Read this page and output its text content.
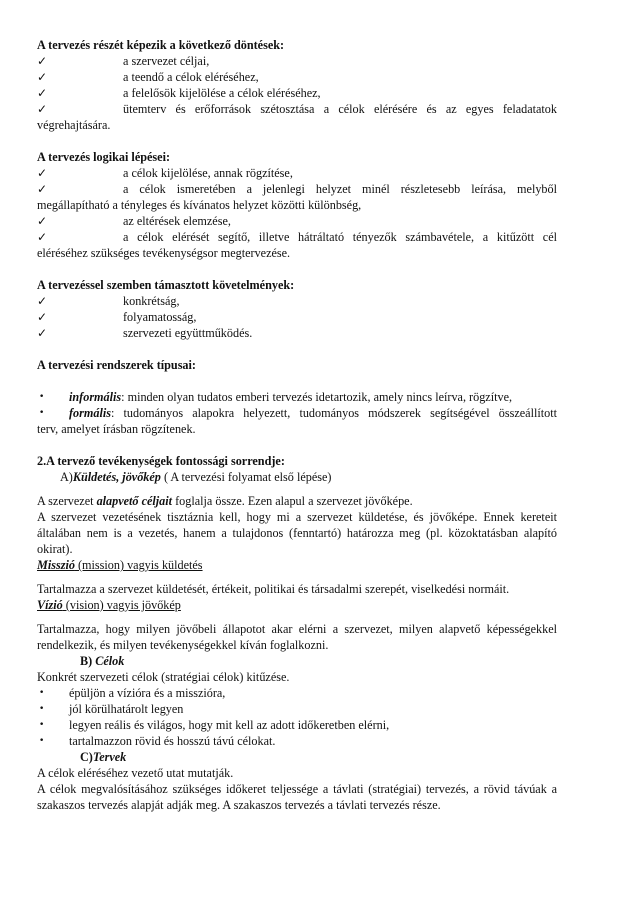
A tervezés részét képezik a következő döntések:

✓	a szervezet céljai,
✓	a teendő a célok eléréséhez,
✓	a felelősök kijelölése a célok eléréséhez,
✓	ütemterv és erőforrások szétosztása a célok elérésére és az egyes feladatatok

végrehajtására.

A tervezés logikai lépései:

✓	a célok kijelölése, annak rögzítése,
✓	a célok ismeretében a jelenlegi helyzet minél részletesebb leírása, melyből

megállapítható a tényleges és kívánatos helyzet közötti különbség,

✓	az eltérések elemzése,
✓	a célok elérését segítő, illetve hátráltató tényezők számbavétele, a kitűzött cél

eléréséhez szükséges tevékenységsor megtervezése.

A tervezéssel szemben támasztott követelmények:

✓	konkrétság,
✓	folyamatosság,
✓	szervezeti együttműködés.

A tervezési rendszerek típusai:

•	informális: minden olyan tudatos emberi tervezés idetartozik, amely nincs leírva, rögzítve,
•	formális: tudományos alapokra helyezett, tudományos módszerek segítségével összeállított

terv, amelyet írásban rögzítenek.

2.A tervező tevékenységek fontossági sorrendje:

A)Küldetés, jövőkép ( A tervezési folyamat első lépése)

A szervezet alapvető céljait foglalja össze. Ezen alapul a szervezet jövőképe.

A szervezet vezetésének tisztáznia kell, hogy mi a szervezet küldetése, és jövőképe. Ennek kereteit általában nem is a vezetés, hanem a tulajdonos (fenntartó) határozza meg (pl. közoktatásban alapító okirat).

Misszió (mission) vagyis küldetés

Tartalmazza a szervezet küldetését, értékeit, politikai és társadalmi szerepét, viselkedési normáit.

Vízió (vision) vagyis jövőkép

Tartalmazza, hogy milyen jövőbeli állapotot akar elérni a szervezet, milyen alapvető képességekkel rendelkezik, és milyen tevékenységekkel kíván foglalkozni.

B) Célok

Konkrét szervezeti célok (stratégiai célok) kitűzése.

•	épüljön a vízióra és a misszióra,
•	jól körülhatárolt legyen
•	legyen reális és világos, hogy mit kell az adott időkeretben elérni,
•	tartalmazzon rövid és hosszú távú célokat.

C)Tervek

A célok eléréséhez vezető utat mutatják.

A célok megvalósításához szükséges időkeret teljessége a távlati (stratégiai) tervezés, a rövid távúak a szakaszos tervezés alapját adják meg. A szakaszos tervezés a távlati tervezés része.
